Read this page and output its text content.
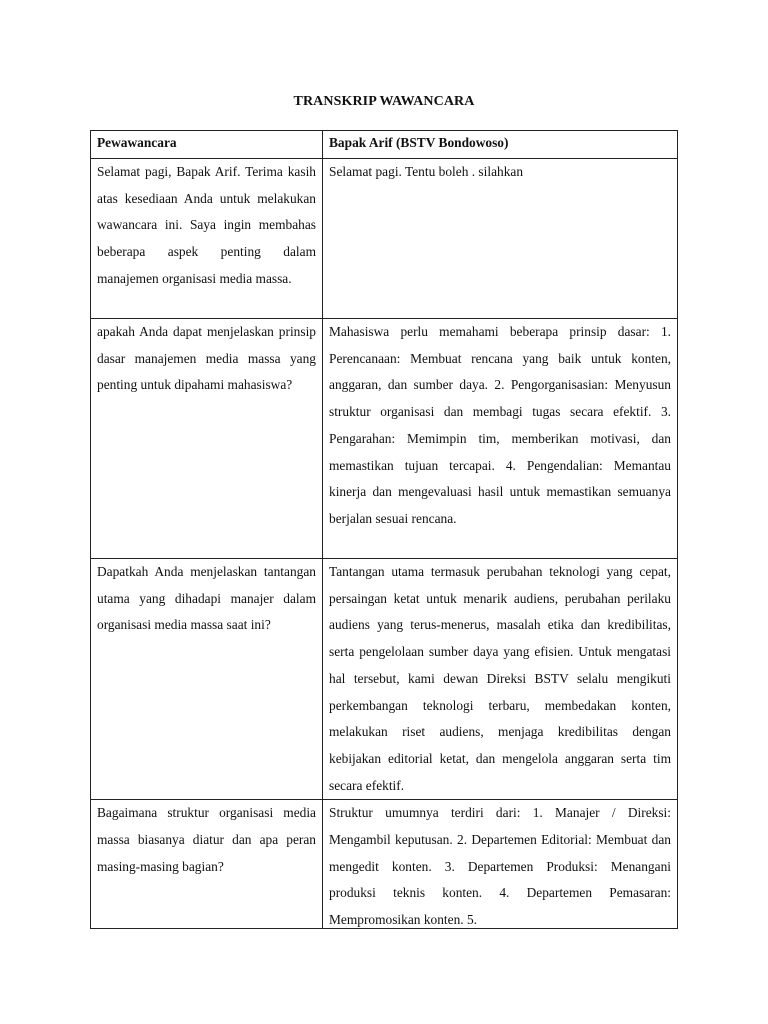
TRANSKRIP WAWANCARA
Pewawancara	Bapak Arif (BSTV Bondowoso)
Selamat pagi, Bapak Arif. Terima kasih atas kesediaan Anda untuk melakukan wawancara ini. Saya ingin membahas beberapa aspek penting dalam manajemen organisasi media massa.	Selamat pagi. Tentu boleh . silahkan
apakah Anda dapat menjelaskan prinsip dasar manajemen media massa yang penting untuk dipahami mahasiswa?	Mahasiswa perlu memahami beberapa prinsip dasar: 1. Perencanaan: Membuat rencana yang baik untuk konten, anggaran, dan sumber daya. 2. Pengorganisasian: Menyusun struktur organisasi dan membagi tugas secara efektif. 3. Pengarahan: Memimpin tim, memberikan motivasi, dan memastikan tujuan tercapai. 4. Pengendalian: Memantau kinerja dan mengevaluasi hasil untuk memastikan semuanya berjalan sesuai rencana.
Dapatkah Anda menjelaskan tantangan utama yang dihadapi manajer dalam organisasi media massa saat ini?	Tantangan utama termasuk perubahan teknologi yang cepat, persaingan ketat untuk menarik audiens, perubahan perilaku audiens yang terus-menerus, masalah etika dan kredibilitas, serta pengelolaan sumber daya yang efisien. Untuk mengatasi hal tersebut, kami dewan Direksi BSTV selalu mengikuti perkembangan teknologi terbaru, membedakan konten, melakukan riset audiens, menjaga kredibilitas dengan kebijakan editorial ketat, dan mengelola anggaran serta tim secara efektif.

Bagaimana struktur organisasi media massa biasanya diatur dan apa peran masing-masing bagian?	Struktur umumnya terdiri dari: 1. Manajer / Direksi: Mengambil keputusan. 2. Departemen Editorial: Membuat dan mengedit konten. 3. Departemen Produksi: Menangani produksi teknis konten. 4. Departemen Pemasaran: Mempromosikan konten. 5.
